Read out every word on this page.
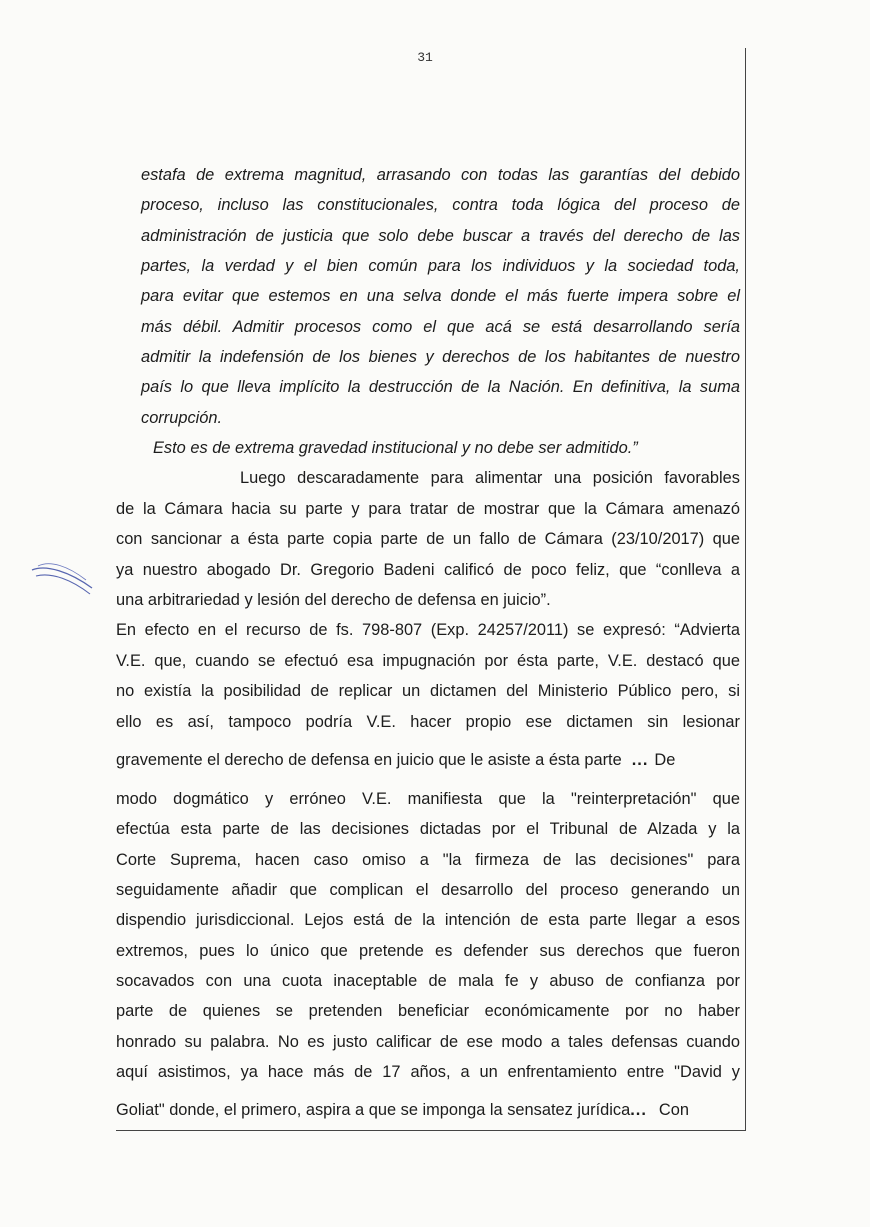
31
estafa de extrema magnitud, arrasando con todas las garantías del debido
proceso, incluso las constitucionales, contra toda lógica del proceso de
administración de justicia que solo debe buscar a través del derecho de las
partes, la verdad y el bien común para los individuos y la sociedad toda,
para evitar que estemos en una selva donde el más fuerte impera sobre el
más débil. Admitir procesos como el que acá se está desarrollando sería
admitir la indefensión de los bienes y derechos de los habitantes de nuestro
país lo que lleva implícito la destrucción de la Nación. En definitiva, la suma
corrupción.
Esto es de extrema gravedad institucional y no debe ser admitido.”
Luego descaradamente para alimentar una posición favorables
de la Cámara hacia su parte y para tratar de mostrar que la Cámara amenazó
con sancionar a ésta parte copia parte de un fallo de Cámara (23/10/2017) que
ya nuestro abogado Dr. Gregorio Badeni calificó de poco feliz, que “conlleva a
una arbitrariedad y lesión del derecho de defensa en juicio”.
En efecto en el recurso de fs. 798-807 (Exp. 24257/2011) se expresó: “Advierta
V.E. que, cuando se efectuó esa impugnación por ésta parte, V.E. destacó que
no existía la posibilidad de replicar un dictamen del Ministerio Público pero, si
ello es así, tampoco podría V.E. hacer propio ese dictamen sin lesionar
gravemente el derecho de defensa en juicio que le asiste a ésta parte ... De
modo dogmático y erróneo V.E. manifiesta que la "reinterpretación" que
efectúa esta parte de las decisiones dictadas por el Tribunal de Alzada y la
Corte Suprema, hacen caso omiso a "la firmeza de las decisiones" para
seguidamente añadir que complican el desarrollo del proceso generando un
dispendio jurisdiccional. Lejos está de la intención de esta parte llegar a esos
extremos, pues lo único que pretende es defender sus derechos que fueron
socavados con una cuota inaceptable de mala fe y abuso de confianza por
parte de quienes se pretenden beneficiar económicamente por no haber
honrado su palabra. No es justo calificar de ese modo a tales defensas cuando
aquí asistimos, ya hace más de 17 años, a un enfrentamiento entre "David y
Goliat" donde, el primero, aspira a que se imponga la sensatez jurídica... Con
